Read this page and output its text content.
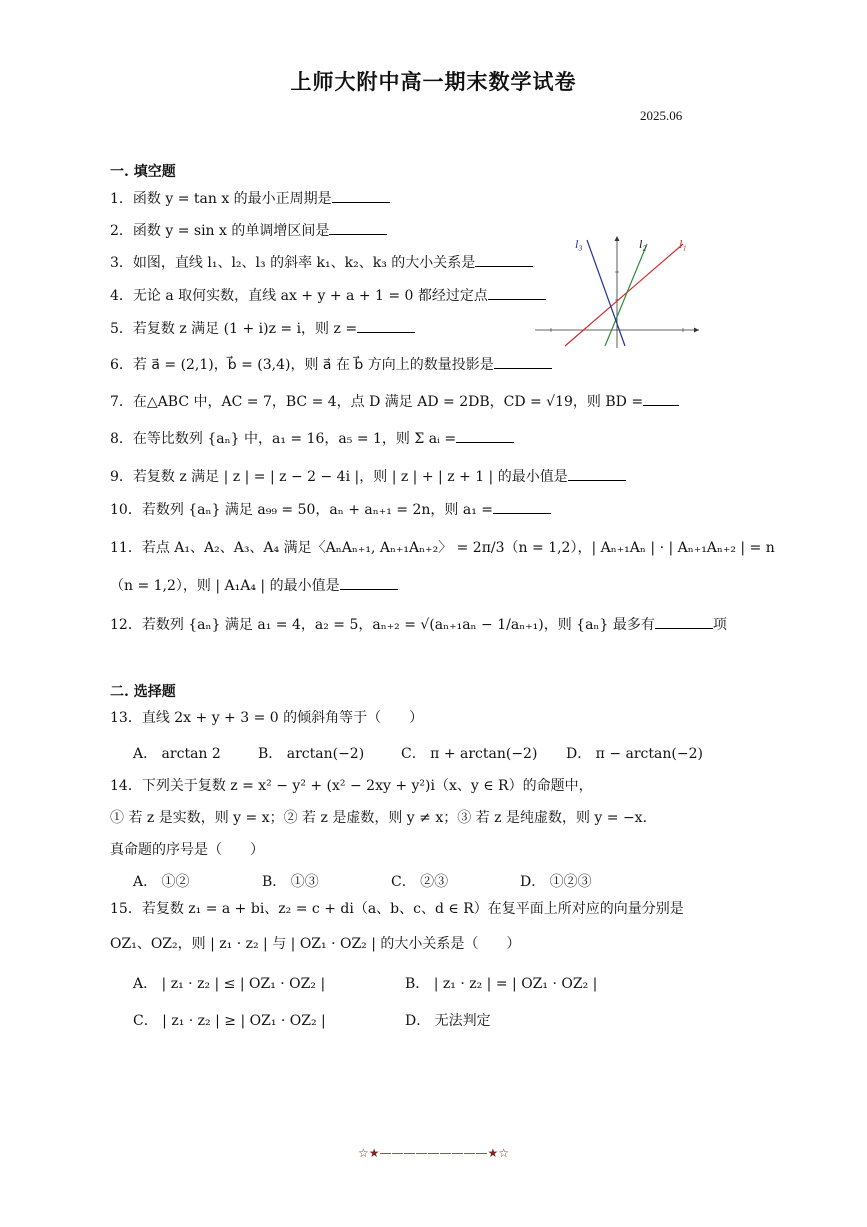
上师大附中高一期末数学试卷
2025.06
一. 填空题
1．函数 y = tan x 的最小正周期是
2．函数 y = sin x 的单调增区间是
3．如图，直线 l₁、l₂、l₃ 的斜率 k₁、k₂、k₃ 的大小关系是
4．无论 a 取何实数，直线 ax + y + a + 1 = 0 都经过定点
5．若复数 z 满足 (1 + i)z = i，则 z =
6．若 a⃗ = (2,1)，b⃗ = (3,4)，则 a⃗ 在 b⃗ 方向上的数量投影是
7．在△ABC 中，AC = 7，BC = 4，点 D 满足 AD = 2DB，CD = √19，则 BD =
8．在等比数列 {aₙ} 中，a₁ = 16，a₅ = 1，则 Σ aᵢ =
9．若复数 z 满足 | z | = | z − 2 − 4i |，则 | z | + | z + 1 | 的最小值是
10．若数列 {aₙ} 满足 a₉₉ = 50，aₙ + aₙ₊₁ = 2n，则 a₁ =
11．若点 A₁、A₂、A₃、A₄ 满足〈AₙAₙ₊₁, Aₙ₊₁Aₙ₊₂〉 = 2π/3（n = 1,2），| Aₙ₊₁Aₙ | · | Aₙ₊₁Aₙ₊₂ | = n
（n = 1,2），则 | A₁A₄ | 的最小值是
12．若数列 {aₙ} 满足 a₁ = 4，a₂ = 5，aₙ₊₂ = √(aₙ₊₁aₙ − 1/aₙ₊₁)，则 {aₙ} 最多有	项
二. 选择题
13．直线 2x + y + 3 = 0 的倾斜角等于（　　）
A． arctan 2	B． arctan(−2)	C． π + arctan(−2) D． π − arctan(−2)
14．下列关于复数 z = x² − y² + (x² − 2xy + y²)i（x、y ∈ R）的命题中，
① 若 z 是实数，则 y = x；② 若 z 是虚数，则 y ≠ x；③ 若 z 是纯虚数，则 y = −x．
真命题的序号是（　　）
A． ①②	B． ①③	C． ②③	D． ①②③
15．若复数 z₁ = a + bi、z₂ = c + di（a、b、c、d ∈ R）在复平面上所对应的向量分别是
OZ₁、OZ₂，则 | z₁ · z₂ | 与 | OZ₁ · OZ₂ | 的大小关系是（　　）
A． | z₁ · z₂ | ≤ | OZ₁ · OZ₂ |	B． | z₁ · z₂ | = | OZ₁ · OZ₂ |
C． | z₁ · z₂ | ≥ | OZ₁ · OZ₂ |	D． 无法判定
l₃	l₂	l₁
☆★—————————★☆
